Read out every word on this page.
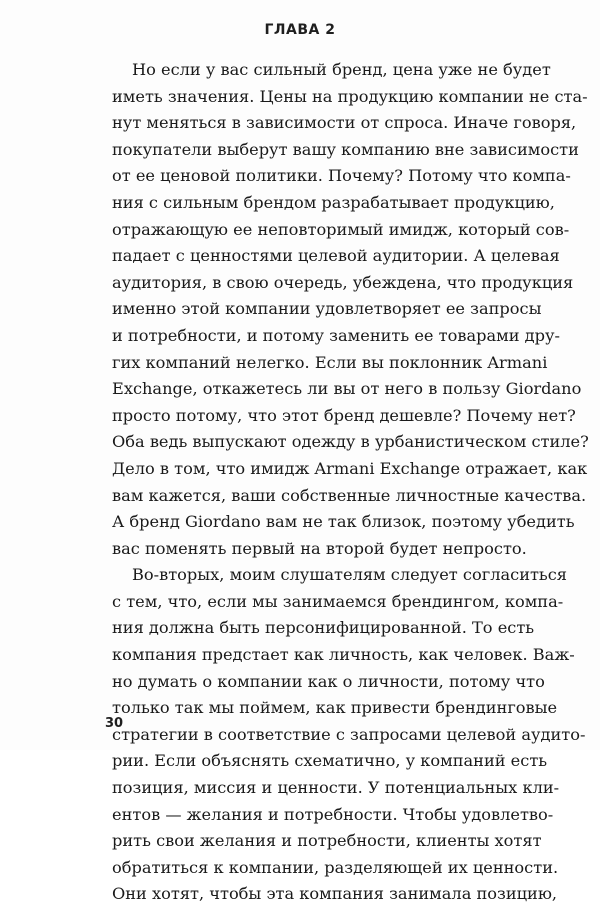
ГЛАВА 2
Но если у вас сильный бренд, цена уже не будет
иметь значения. Цены на продукцию компании не ста-
нут меняться в зависимости от спроса. Иначе говоря,
покупатели выберут вашу компанию вне зависимости
от ее ценовой политики. Почему? Потому что компа-
ния с сильным брендом разрабатывает продукцию,
отражающую ее неповторимый имидж, который сов-
падает с ценностями целевой аудитории. А целевая
аудитория, в свою очередь, убеждена, что продукция
именно этой компании удовлетворяет ее запросы
и потребности, и потому заменить ее товарами дру-
гих компаний нелегко. Если вы поклонник Armani
Exchange, откажетесь ли вы от него в пользу Giordano
просто потому, что этот бренд дешевле? Почему нет?
Оба ведь выпускают одежду в урбанистическом стиле?
Дело в том, что имидж Armani Exchange отражает, как
вам кажется, ваши собственные личностные качества.
А бренд Giordano вам не так близок, поэтому убедить
вас поменять первый на второй будет непросто.
Во-вторых, моим слушателям следует согласиться
с тем, что, если мы занимаемся брендингом, компа-
ния должна быть персонифицированной. То есть
компания предстает как личность, как человек. Важ-
но думать о компании как о личности, потому что
только так мы поймем, как привести брендинговые
стратегии в соответствие с запросами целевой аудито-
рии. Если объяснять схематично, у компаний есть
позиция, миссия и ценности. У потенциальных кли-
ентов — желания и потребности. Чтобы удовлетво-
рить свои желания и потребности, клиенты хотят
обратиться к компании, разделяющей их ценности.
Они хотят, чтобы эта компания занимала позицию,
30
